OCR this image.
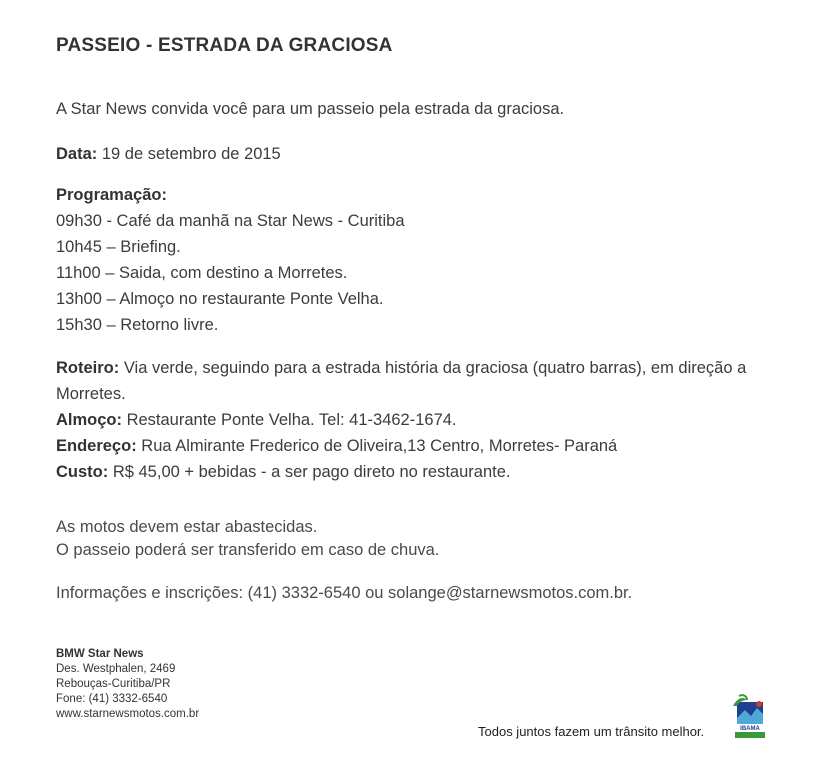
PASSEIO - ESTRADA DA GRACIOSA
A Star News convida você para um passeio pela estrada da graciosa.
Data: 19 de setembro de 2015
Programação:
09h30 - Café da manhã na Star News - Curitiba
10h45 – Briefing.
11h00 – Saida, com destino a Morretes.
13h00 – Almoço no restaurante Ponte Velha.
15h30 – Retorno livre.
Roteiro: Via verde, seguindo para a estrada história da graciosa (quatro barras), em direção a Morretes.
Almoço: Restaurante Ponte Velha. Tel: 41-3462-1674.
Endereço: Rua Almirante Frederico de Oliveira,13 Centro, Morretes- Paraná
Custo: R$ 45,00 + bebidas - a ser pago direto no restaurante.
As motos devem estar abastecidas.
O passeio poderá ser transferido em caso de chuva.
Informações e inscrições: (41) 3332-6540 ou solange@starnewsmotos.com.br.
BMW Star News
Des. Westphalen, 2469
Rebouças-Curitiba/PR
Fone: (41) 3332-6540
www.starnewsmotos.com.br
Todos juntos fazem um trânsito melhor.	IBAMA
